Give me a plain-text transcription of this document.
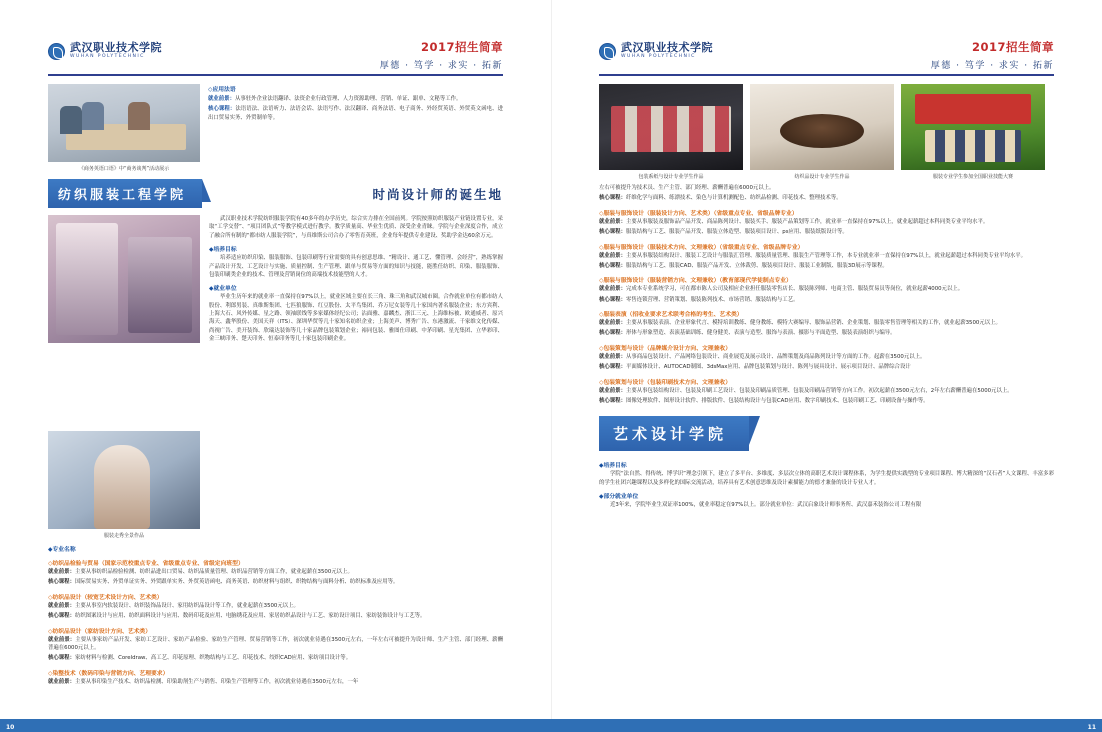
武汉职业技术学院
WUHAN POLYTECHNIC
2017招生简章
厚德 · 笃学 · 求实 · 拓新
《商务英语口语》中“商务谈判”活动展示
◇应用法语

就业前景：从事驻外企业法语翻译、法资企业行政管理、人力资源助理、营销、单证、跟单、文秘等工作。

核心课程：法语语法、法语听力、法语会话、法语写作、法汉翻译、商务法语、电子商务、外经贸英语、外贸英文函电、进出口贸易实务、外贸制单等。

纺织服装工程学院	时尚设计师的诞生地
服装走秀全景作品

武汉职业技术学院纺织服装学院有40多年的办学历史，综合实力排在全国前列。学院按照纺织服装产业链设置专业，采取“工学交替”、“项目团队式”等教学模式进行教学。教学质量高、毕业生优质、深受企业青睐。学院与企业深度合作，成立了融合所有制的“都市纺人服装学院”，与真维斯公司合办了零售育英班，企业每年提供专业建设、奖助学金达60余万元。

◆培养目标

培养适应纺织印染、服装服饰、包装印刷等行业需要的具有创意思维、“精设计、通工艺、懂管理、会经营”，熟练掌握产品设计开发、工艺设计与实施、质量控制、生产管理、跟单与贸易等方面的知识与技能，能胜任纺织、印染、服装服饰、包装印刷类企业的技术、管理及营销岗位的高端技术技能型的人才。

◆就业单位

毕业生历年来的就业率一直保持在97%以上，就业区域主要在长三角、珠三角和武汉城市圈。合作就业单位有都市纺人股份、利郎男装、真维斯集团、七匹狼服饰、红豆股份、太平鸟集团、乔万尼女装等几十家国内著名服装企业；东方宾利、上海大石、风外传媒、星之路、领袖联线等多家媒体经纪公司；沾面雅、嘉麟杰、浙江三元、上海维标被、欧通威者、原兴海天、鑫华股份、美国天祥（ITS）、深圳华贸等几十家知名纺织企业；上海美声、博秀广告、东港激流、千家维文化传媒、尚视广告、美开装饰、欣瑞达装饰等几十家品牌包装策划企业；裕同包装、雅图仕印刷、中茅印刷、星光集团、立华彩印、金三峡印务、楚天印务、恒泰印务等几十家包装印刷企业。

◆专业名称
◇纺织品检验与贸易（国家示范校重点专业、省级重点专业、省级定向班型）

就业前景：主要从事纺织品检验检测、纺织品进出口贸易、纺织品质量管理、纺织品营销等方面工作，就业起薪在3500元以上。

核心课程：国际贸易实务、外贸单证实务、外贸跟单实务、外贸英语函电、商务英语、纺织材料与组织、织物结构与面料分析、纺织标准及应用等。

◇纺织品设计（较宽艺术设计方向、艺术类）

就业前景：主要从事室内软装设计、纺织装饰品设计、家用纺织品设计等工作，就业起薪在3500元以上。

核心课程：纺织图案设计与应用、纺织面料设计与应用、数码印花及应用、电脑绣花及应用、家居纺织品设计与工艺、家纺设计项目、家纺装饰设计与工艺等。

◇纺织品设计（家纺设计方向、艺术类）

就业前景：主要从事家纺产品开发、家纺工艺设计、家纺产品检验、家纺生产管理、贸易营销等工作，初次就业待遇在3500元左右，一年左右可被提升为设计师、生产主管、部门经理、薪酬普遍在6000元以上。

核心课程：家纺材料与检测、Coreldraw、高工艺、印花原理、织物结构与工艺、印花技术、绞织CAD应用、家纺项目设计等。

◇染整技术（数码印染与营销方向、艺理要求）

就业前景：主要从事印染生产技术、纺织品检测、印染助剂生产与销售、印染生产管理等工作，初次就业待遇在3500元左右，一年

10
武汉职业技术学院
WUHAN POLYTECHNIC
2017招生简章
厚德 · 笃学 · 求实 · 拓新
包装系纸与设计专业学生作品	纺织品设计专业学生作品	服装专业学生参加全国职业技能大赛

左右可被提升为技术员、生产主管、部门经理、薪酬普遍在6000元以上。

核心课程：纤维化学与面料、练漂技术、染色与计算机测配色、纺织品检测、印花技术、整理技术等。

◇服装与服饰设计（服装设计方向、艺术类）（省级重点专业、省级品牌专业）

就业前景：主要从事服装及服饰品产品开发、商品陈列设计、服装买手、服装产品策划等工作，就业率一直保持在97%以上，就业起薪超过本科同类专业平均水平。

核心课程：服装结构与工艺、服装产品开发、服装立体造型、服装项目设计、ps应用、服装纸版设计等。

◇服装与服饰设计（服装技术方向、文理兼收）（省级重点专业、省级品牌专业）

就业前景：主要从事服装结构设计、服装工艺设计与服装汇管理、服装质量管理、服装生产管理等工作，本专业就业率一直保持在97%以上，就业起薪超过本科同类专业平均水平。

核心课程：服装结构与工艺、服装CAD、服装产品开发、立体裁剪、服装项目设计、服装工业制版、服装3D展示等课程。

◇服装与服饰设计（服装营销方向、文理兼收）（教育部现代学徒制点专业）

就业前景：完成本专业系统学习，可在都市陈人公司及相应企业担任服装零售店长、服装陈列师、电商主管、服装贸易员等岗位，就业起薪4000元以上。

核心课程：零售连锁营理、营销策划、服装陈列技术、市场营销、服装结构与工艺。

◇服装表演（招收业要求艺术联考合格的考生、艺术类）

就业前景：主要从事服装表演、企业形象代言、模特培训教练、健身教练、模特大赛编导、服饰品营销、企业策划、服装零售管理等相关的工作，就业起薪3500元以上。

核心课程：形体与形象塑造、表演基础训练、健身健美、表演与造型、服饰与表演、摄影与平面造型、服装表演组织与编导。

◇包装策划与设计（品牌媒介设计方向、文理兼收）

就业前景：从事商品包装设计、产品网络包装设计、商业展览及展示设计、品牌策划及商品陈列设计等方面的工作。起薪在3500元以上。

核心课程：平面媒体设计、AUTOCAD制图、3dsMax应用、品牌包装策划与设计、陈列与展具设计、展示项目设计、品牌综合设计

◇包装策划与设计（包装印刷技术方向、文理兼收）

就业前景：主要从事包装结构设计、包装及印刷工艺设计、包装及印刷品质管理、包装及印刷品营销等方向工作。初次起薪在3500元左右，2年左右薪酬普遍在5000元以上。

核心课程：图像处理软件、图形设计软件、排版软件、包装结构设计与包装CAD应用、数字印刷技术、包装印刷工艺、印刷设备与操作等。

艺术设计学院
◆培养目标

学院“法自然、得传统、博学识”理念引领下，建立了多平台、多维度、多层次立体的高职艺术设计课程体系，为学生提供实践型的专业项目课程、博大精深的“汉石者”人文课程、丰富多彩的学生社团兴趣课程以及多样化的国际交流活动，培养具有艺术创意思维及设计素描能力的德才兼备的设计专业人才。

◆部分就业单位

近3年来，学院毕业生双证率100%，就业率稳定在97%以上。部分就业单位：武汉启象设计师事务所、武汉嘉禾装饰公司工程有限

11
